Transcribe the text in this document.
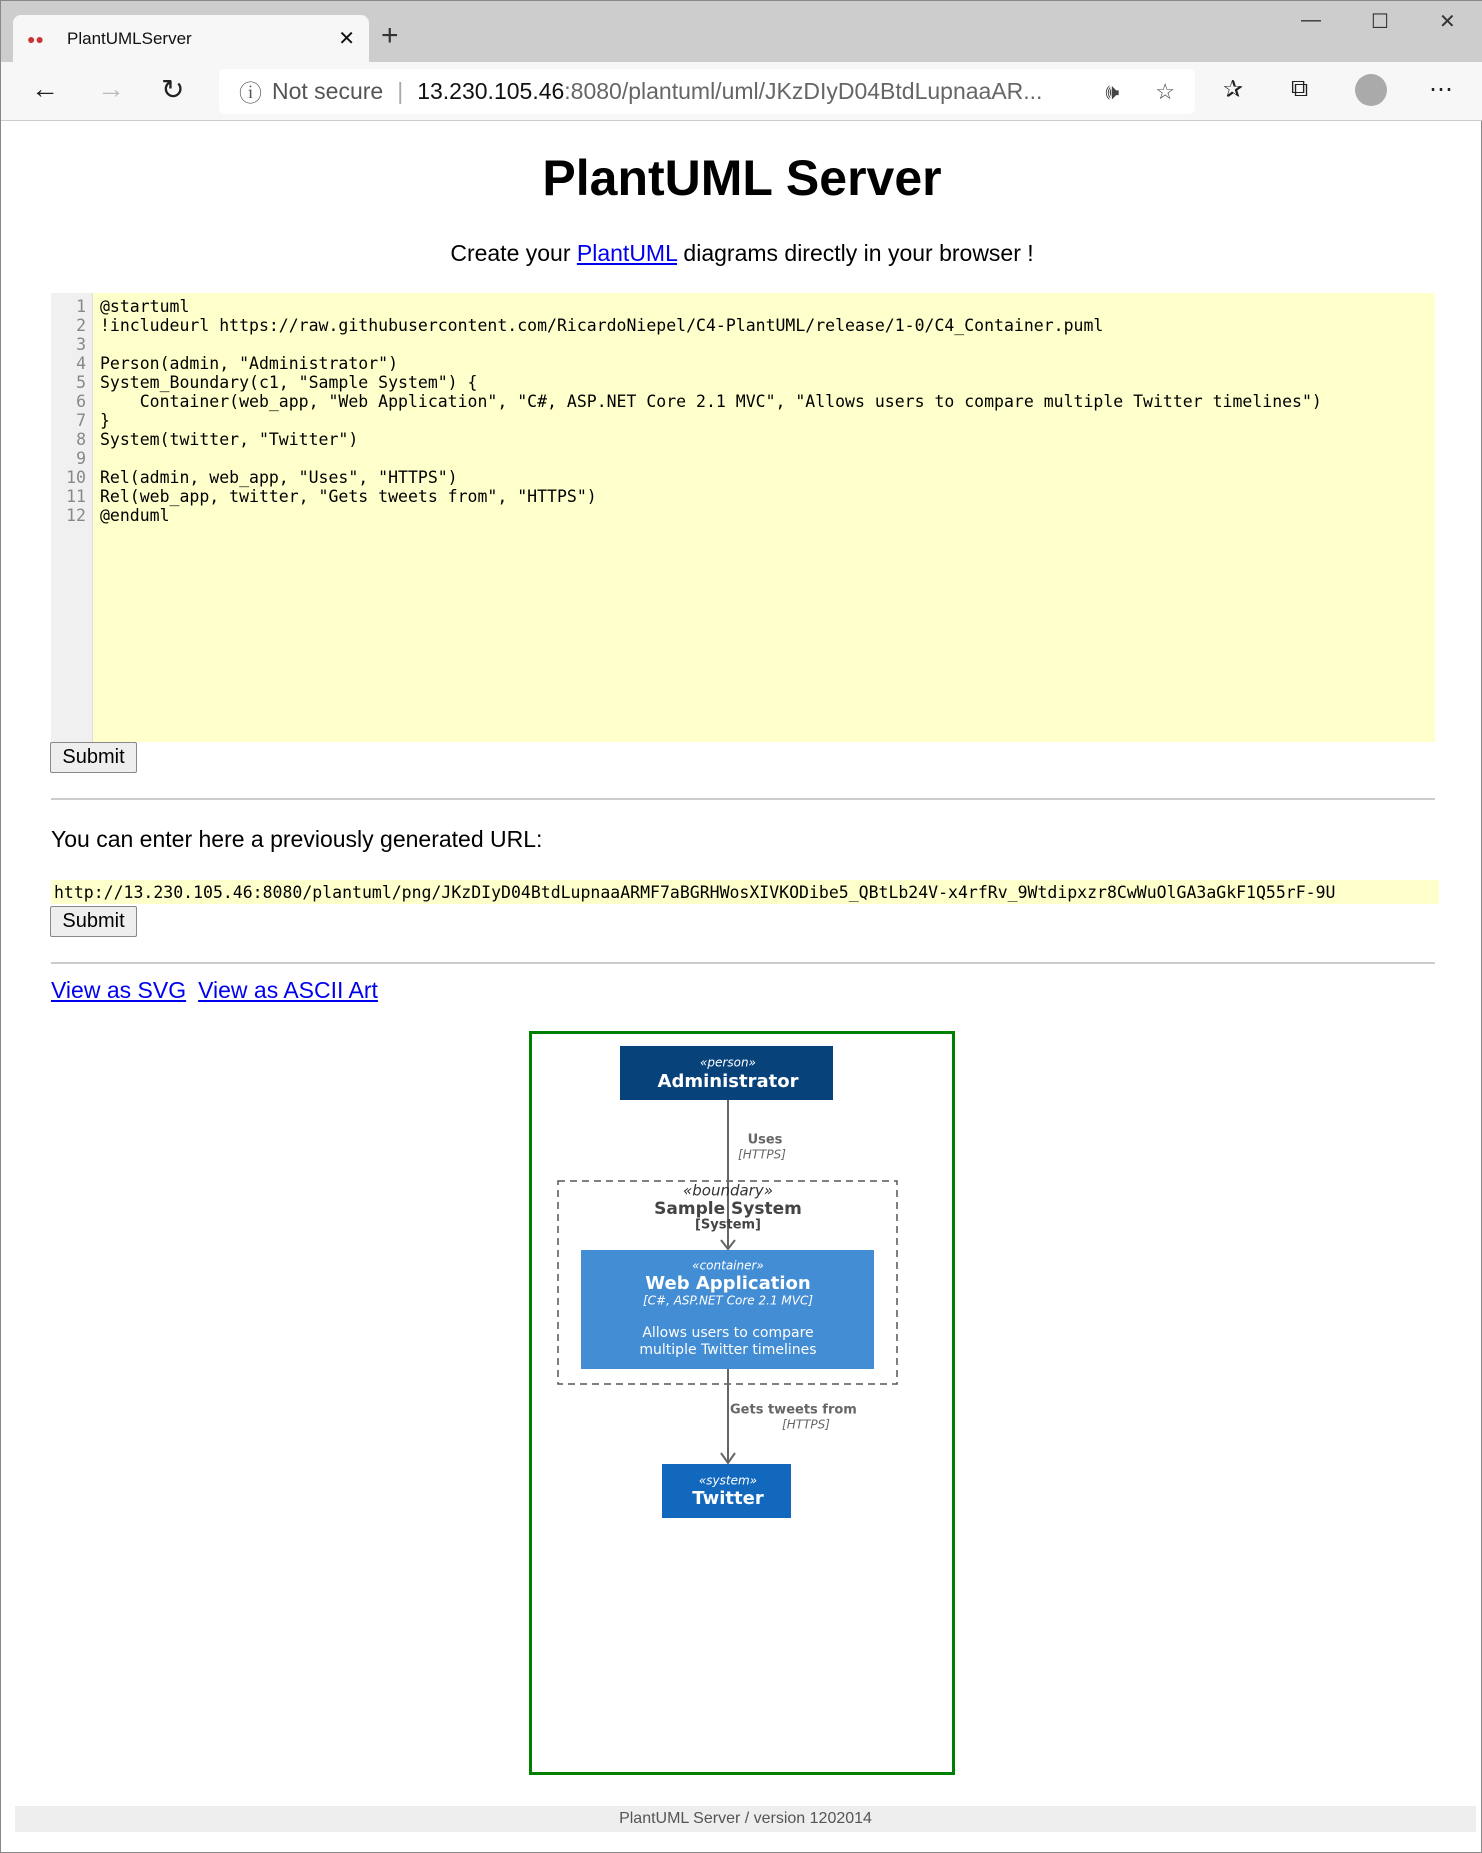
●● PlantUMLServer	✕ +	—	☐	✕
← → ↻ ⓘ Not secure | 13.230.105.46 :8080/plantuml/uml/JKzDIyD04BtdLupnaaAR...	🕪 ☆ ✰ ⧉	⋯
PlantUML Server
Create your PlantUML diagrams directly in your browser !
1
2
3
4
5
6
7
8
9
10
11
12
@startuml
!includeurl https://raw.githubusercontent.com/RicardoNiepel/C4-PlantUML/release/1-0/C4_Container.puml

Person(admin, "Administrator")
System_Boundary(c1, "Sample System") {
Container(web_app, "Web Application", "C#, ASP.NET Core 2.1 MVC", "Allows users to compare multiple Twitter timelines")
}
System(twitter, "Twitter")

Rel(admin, web_app, "Uses", "HTTPS")
Rel(web_app, twitter, "Gets tweets from", "HTTPS")
@enduml
Submit
You can enter here a previously generated URL:
http://13.230.105.46:8080/plantuml/png/JKzDIyD04BtdLupnaaARMF7aBGRHWosXIVKODibe5_QBtLb24V-x4rfRv_9Wtdipxzr8CwWuOlGA3aGkF1Q55rF-9U
Submit
View as SVG View as ASCII Art
«person»
Administrator
Uses
[HTTPS]
«boundary»
Sample System
[System]
«container»
Web Application
[C#, ASP.NET Core 2.1 MVC]
Allows users to compare
multiple Twitter timelines
Gets tweets from
[HTTPS]
«system»
Twitter
PlantUML Server / version 1202014
